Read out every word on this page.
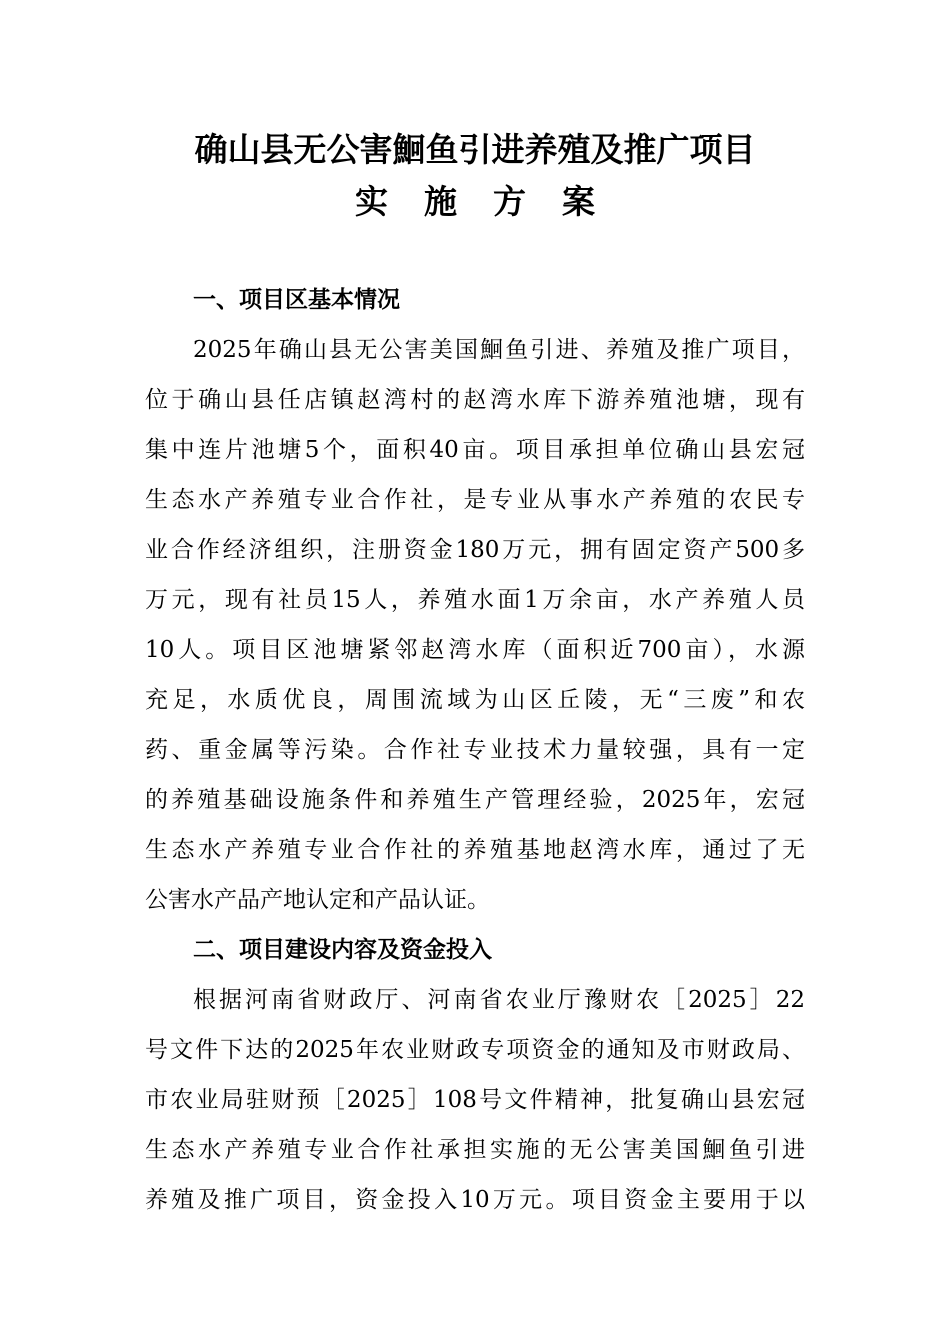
确山县无公害鮰鱼引进养殖及推广项目
实施方案
一、项目区基本情况
2025年确山县无公害美国鮰鱼引进、养殖及推广项目，
位于确山县任店镇赵湾村的赵湾水库下游养殖池塘，现有
集中连片池塘5个，面积40亩。项目承担单位确山县宏冠
生态水产养殖专业合作社，是专业从事水产养殖的农民专
业合作经济组织，注册资金180万元，拥有固定资产500多
万元，现有社员15人，养殖水面1万余亩，水产养殖人员
10人。项目区池塘紧邻赵湾水库（面积近700亩），水源
充足，水质优良，周围流域为山区丘陵，无“三废”和农
药、重金属等污染。合作社专业技术力量较强，具有一定
的养殖基础设施条件和养殖生产管理经验，2025年，宏冠
生态水产养殖专业合作社的养殖基地赵湾水库，通过了无
公害水产品产地认定和产品认证。
二、项目建设内容及资金投入
根据河南省财政厅、河南省农业厅豫财农［2025］22
号文件下达的2025年农业财政专项资金的通知及市财政局、
市农业局驻财预［2025］108号文件精神，批复确山县宏冠
生态水产养殖专业合作社承担实施的无公害美国鮰鱼引进
养殖及推广项目，资金投入10万元。项目资金主要用于以
